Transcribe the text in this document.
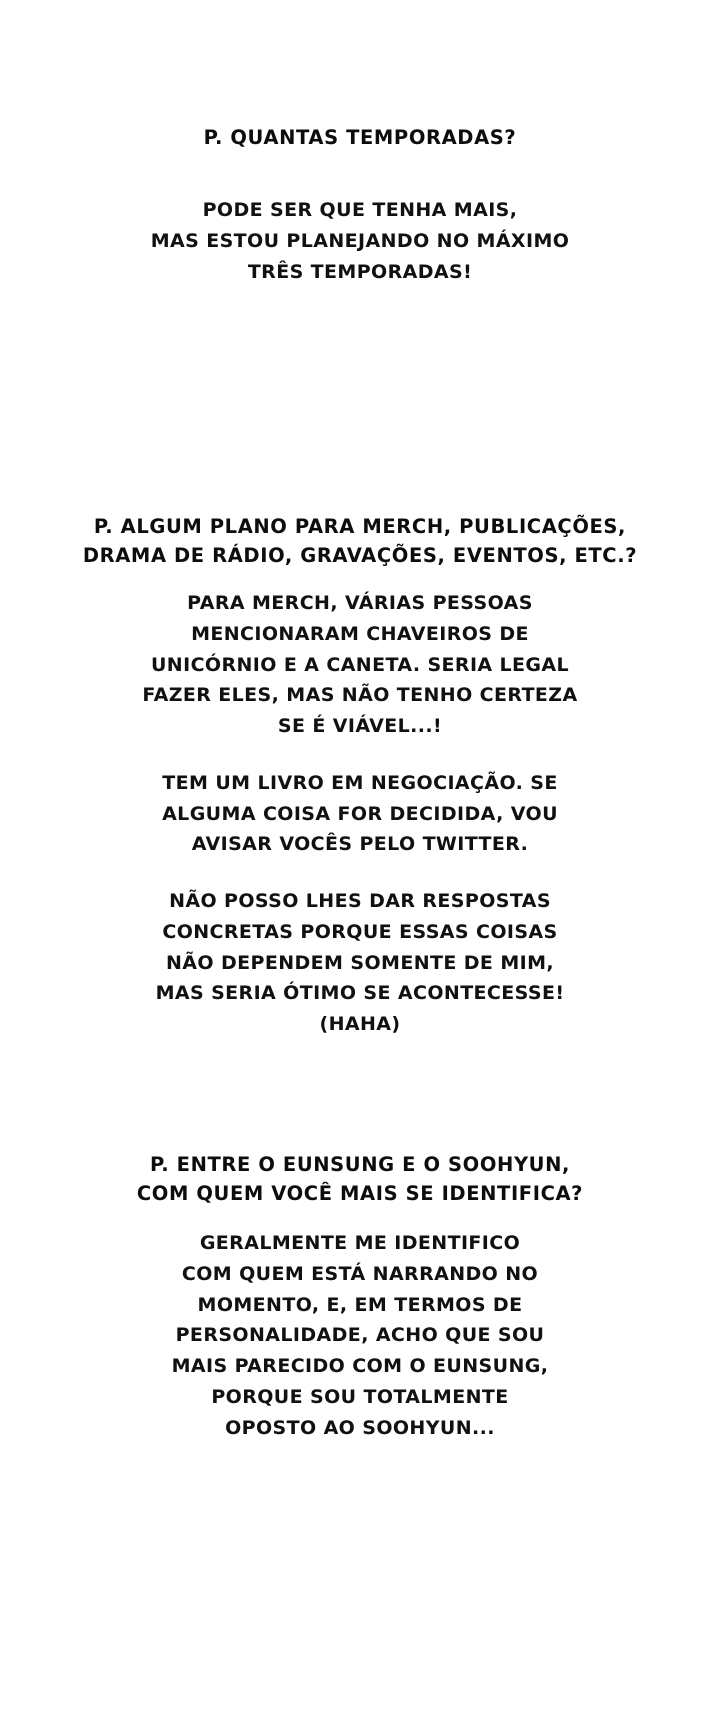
P. QUANTAS TEMPORADAS?
PODE SER QUE TENHA MAIS,
MAS ESTOU PLANEJANDO NO MÁXIMO
TRÊS TEMPORADAS!
P. ALGUM PLANO PARA MERCH, PUBLICAÇÕES,
DRAMA DE RÁDIO, GRAVAÇÕES, EVENTOS, ETC.?
PARA MERCH, VÁRIAS PESSOAS
MENCIONARAM CHAVEIROS DE
UNICÓRNIO E A CANETA. SERIA LEGAL
FAZER ELES, MAS NÃO TENHO CERTEZA
SE É VIÁVEL...!
TEM UM LIVRO EM NEGOCIAÇÃO. SE
ALGUMA COISA FOR DECIDIDA, VOU
AVISAR VOCÊS PELO TWITTER.
NÃO POSSO LHES DAR RESPOSTAS
CONCRETAS PORQUE ESSAS COISAS
NÃO DEPENDEM SOMENTE DE MIM,
MAS SERIA ÓTIMO SE ACONTECESSE!
(HAHA)
P. ENTRE O EUNSUNG E O SOOHYUN,
COM QUEM VOCÊ MAIS SE IDENTIFICA?
GERALMENTE ME IDENTIFICO
COM QUEM ESTÁ NARRANDO NO
MOMENTO, E, EM TERMOS DE
PERSONALIDADE, ACHO QUE SOU
MAIS PARECIDO COM O EUNSUNG,
PORQUE SOU TOTALMENTE
OPOSTO AO SOOHYUN...
